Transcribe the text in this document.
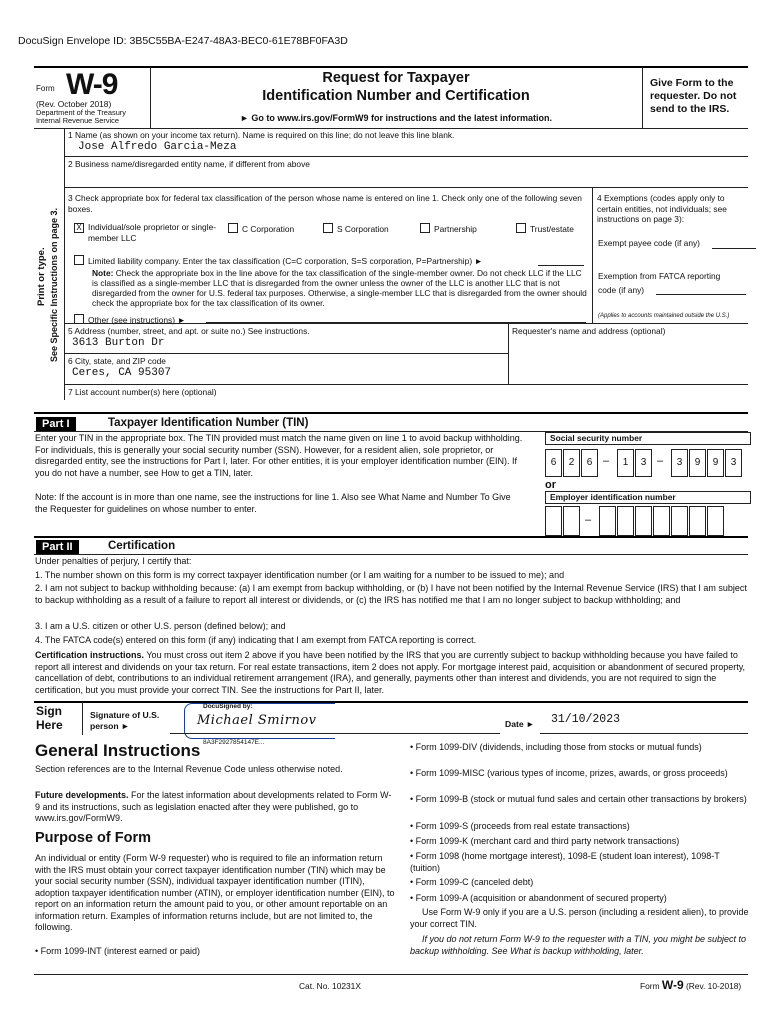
DocuSign Envelope ID: 3B5C55BA-E247-48A3-BEC0-61E78BF0FA3D
Form W-9
(Rev. October 2018)
Department of the Treasury
Internal Revenue Service
Request for Taxpayer
Identification Number and Certification
► Go to www.irs.gov/FormW9 for instructions and the latest information.
Give Form to the requester. Do not send to the IRS.
Print or type. See Specific Instructions on page 3.
1 Name (as shown on your income tax return). Name is required on this line; do not leave this line blank.
Jose Alfredo Garcia-Meza
2 Business name/disregarded entity name, if different from above
3 Check appropriate box for federal tax classification of the person whose name is entered on line 1. Check only one of the following seven boxes.
X Individual/sole proprietor or single-member LLC
C Corporation	S Corporation	Partnership	Trust/estate
Limited liability company. Enter the tax classification (C=C corporation, S=S corporation, P=Partnership) ►
Note: Check the appropriate box in the line above for the tax classification of the single-member owner. Do not check LLC if the LLC is classified as a single-member LLC that is disregarded from the owner unless the owner of the LLC is another LLC that is not disregarded from the owner for U.S. federal tax purposes. Otherwise, a single-member LLC that is disregarded from the owner should check the appropriate box for the tax classification of its owner.
Other (see instructions) ►
4 Exemptions (codes apply only to certain entities, not individuals; see instructions on page 3):
Exempt payee code (if any)
Exemption from FATCA reporting code (if any)
(Applies to accounts maintained outside the U.S.)
5 Address (number, street, and apt. or suite no.) See instructions.
3613 Burton Dr
Requester's name and address (optional)
6 City, state, and ZIP code
Ceres, CA 95307
7 List account number(s) here (optional)
Part I	Taxpayer Identification Number (TIN)
Enter your TIN in the appropriate box. The TIN provided must match the name given on line 1 to avoid backup withholding. For individuals, this is generally your social security number (SSN). However, for a resident alien, sole proprietor, or disregarded entity, see the instructions for Part I, later. For other entities, it is your employer identification number (EIN). If you do not have a number, see How to get a TIN, later.
Note: If the account is in more than one name, see the instructions for line 1. Also see What Name and Number To Give the Requester for guidelines on whose number to enter.
Social security number
6	2	6 –	1	3 –	3	9	9	3
or
Employer identification number
–
Part II	Certification
Under penalties of perjury, I certify that:
1. The number shown on this form is my correct taxpayer identification number (or I am waiting for a number to be issued to me); and
2. I am not subject to backup withholding because: (a) I am exempt from backup withholding, or (b) I have not been notified by the Internal Revenue Service (IRS) that I am subject to backup withholding as a result of a failure to report all interest or dividends, or (c) the IRS has notified me that I am no longer subject to backup withholding; and
3. I am a U.S. citizen or other U.S. person (defined below); and
4. The FATCA code(s) entered on this form (if any) indicating that I am exempt from FATCA reporting is correct.
Certification instructions. You must cross out item 2 above if you have been notified by the IRS that you are currently subject to backup withholding because you have failed to report all interest and dividends on your tax return. For real estate transactions, item 2 does not apply. For mortgage interest paid, acquisition or abandonment of secured property, cancellation of debt, contributions to an individual retirement arrangement (IRA), and generally, payments other than interest and dividends, you are not required to sign the certification, but you must provide your correct TIN. See the instructions for Part II, later.
Sign Here
Signature of U.S. person ►
DocuSigned by:
Michael Smirnov
8A3F2927854147E...
Date ► 31/10/2023
General Instructions
Section references are to the Internal Revenue Code unless otherwise noted.
Future developments. For the latest information about developments related to Form W-9 and its instructions, such as legislation enacted after they were published, go to www.irs.gov/FormW9.
Purpose of Form
An individual or entity (Form W-9 requester) who is required to file an information return with the IRS must obtain your correct taxpayer identification number (TIN) which may be your social security number (SSN), individual taxpayer identification number (ITIN), adoption taxpayer identification number (ATIN), or employer identification number (EIN), to report on an information return the amount paid to you, or other amount reportable on an information return. Examples of information returns include, but are not limited to, the following.
• Form 1099-INT (interest earned or paid)
• Form 1099-DIV (dividends, including those from stocks or mutual funds)
• Form 1099-MISC (various types of income, prizes, awards, or gross proceeds)
• Form 1099-B (stock or mutual fund sales and certain other transactions by brokers)
• Form 1099-S (proceeds from real estate transactions)
• Form 1099-K (merchant card and third party network transactions)
• Form 1098 (home mortgage interest), 1098-E (student loan interest), 1098-T (tuition)
• Form 1099-C (canceled debt)
• Form 1099-A (acquisition or abandonment of secured property)
Use Form W-9 only if you are a U.S. person (including a resident alien), to provide your correct TIN.
If you do not return Form W-9 to the requester with a TIN, you might be subject to backup withholding. See What is backup withholding, later.
Cat. No. 10231X	Form W-9 (Rev. 10-2018)
